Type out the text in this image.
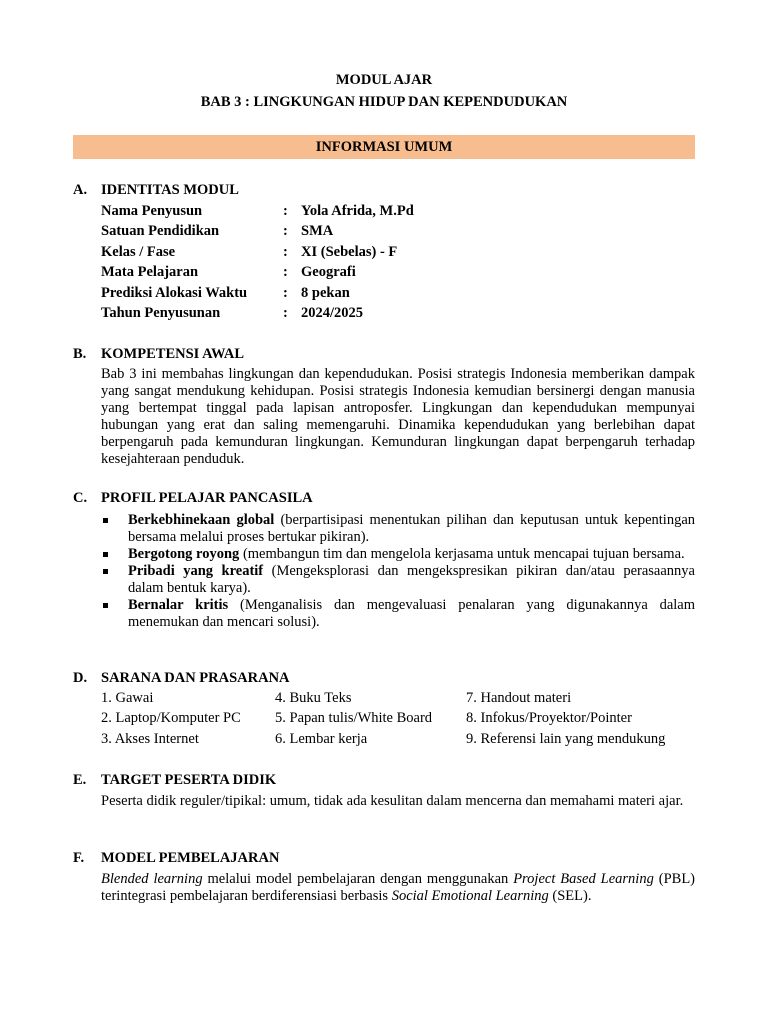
MODUL AJAR
BAB 3 : LINGKUNGAN HIDUP DAN KEPENDUDUKAN
INFORMASI UMUM
A. IDENTITAS MODUL
Nama Penyusun	: Yola Afrida, M.Pd
Satuan Pendidikan	: SMA
Kelas / Fase	: XI (Sebelas) - F
Mata Pelajaran	: Geografi
Prediksi Alokasi Waktu : 8 pekan
Tahun Penyusunan	: 2024/2025
B. KOMPETENSI AWAL

Bab 3 ini membahas lingkungan dan kependudukan. Posisi strategis Indonesia memberikan dampak yang sangat mendukung kehidupan. Posisi strategis Indonesia kemudian bersinergi dengan manusia yang bertempat tinggal pada lapisan antroposfer. Lingkungan dan kependudukan mempunyai hubungan yang erat dan saling memengaruhi. Dinamika kependudukan yang berlebihan dapat berpengaruh pada kemunduran lingkungan. Kemunduran lingkungan dapat berpengaruh terhadap kesejahteraan penduduk.

C. PROFIL PELAJAR PANCASILA
Berkebhinekaan global (berpartisipasi menentukan pilihan dan keputusan untuk kepentingan bersama melalui proses bertukar pikiran).
Bergotong royong (membangun tim dan mengelola kerjasama untuk mencapai tujuan bersama.
Pribadi yang kreatif (Mengeksplorasi dan mengekspresikan pikiran dan/atau perasaannya dalam bentuk karya).
Bernalar kritis (Menganalisis dan mengevaluasi penalaran yang digunakannya dalam menemukan dan mencari solusi).
D. SARANA DAN PRASARANA
1. Gawai	4. Buku Teks	7. Handout materi
2. Laptop/Komputer PC 5. Papan tulis/White Board 8. Infokus/Proyektor/Pointer
3. Akses Internet	6. Lembar kerja	9. Referensi lain yang mendukung
E. TARGET PESERTA DIDIK

Peserta didik reguler/tipikal: umum, tidak ada kesulitan dalam mencerna dan memahami materi ajar.

F. MODEL PEMBELAJARAN

Blended learning melalui model pembelajaran dengan menggunakan Project Based Learning (PBL) terintegrasi pembelajaran berdiferensiasi berbasis Social Emotional Learning (SEL).
